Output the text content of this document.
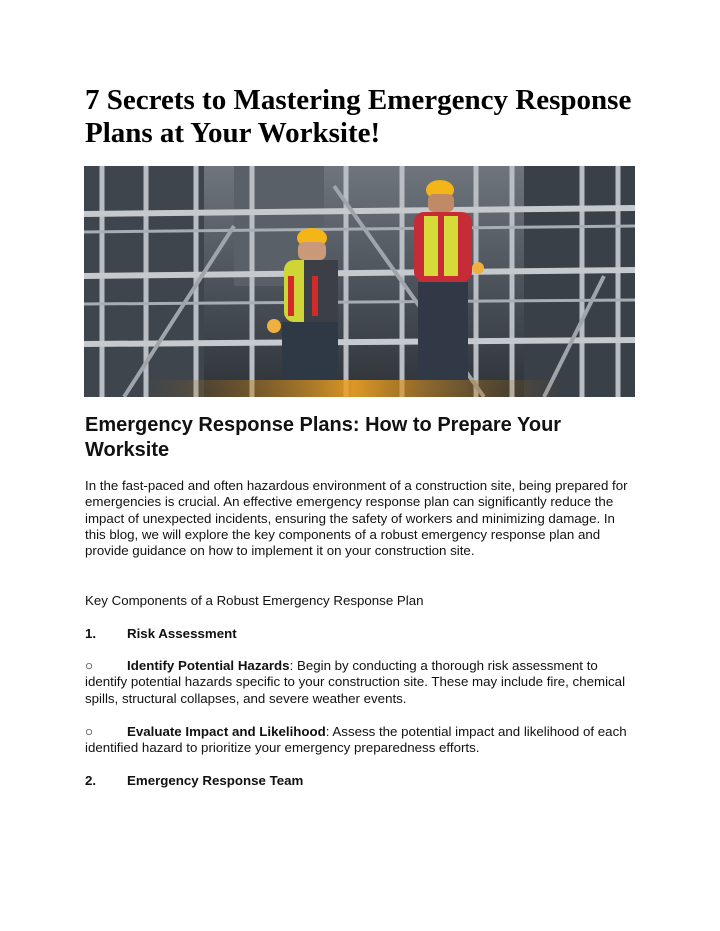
7 Secrets to Mastering Emergency Response Plans at Your Worksite!
Emergency Response Plans: How to Prepare Your Worksite

In the fast-paced and often hazardous environment of a construction site, being prepared for emergencies is crucial. An effective emergency response plan can significantly reduce the impact of unexpected incidents, ensuring the safety of workers and minimizing damage. In this blog, we will explore the key components of a robust emergency response plan and provide guidance on how to implement it on your construction site.

Key Components of a Robust Emergency Response Plan

1. Risk Assessment

○	Identify Potential Hazards: Begin by conducting a thorough risk assessment to identify potential hazards specific to your construction site. These may include fire, chemical spills, structural collapses, and severe weather events.

○	Evaluate Impact and Likelihood: Assess the potential impact and likelihood of each identified hazard to prioritize your emergency preparedness efforts.

2. Emergency Response Team
